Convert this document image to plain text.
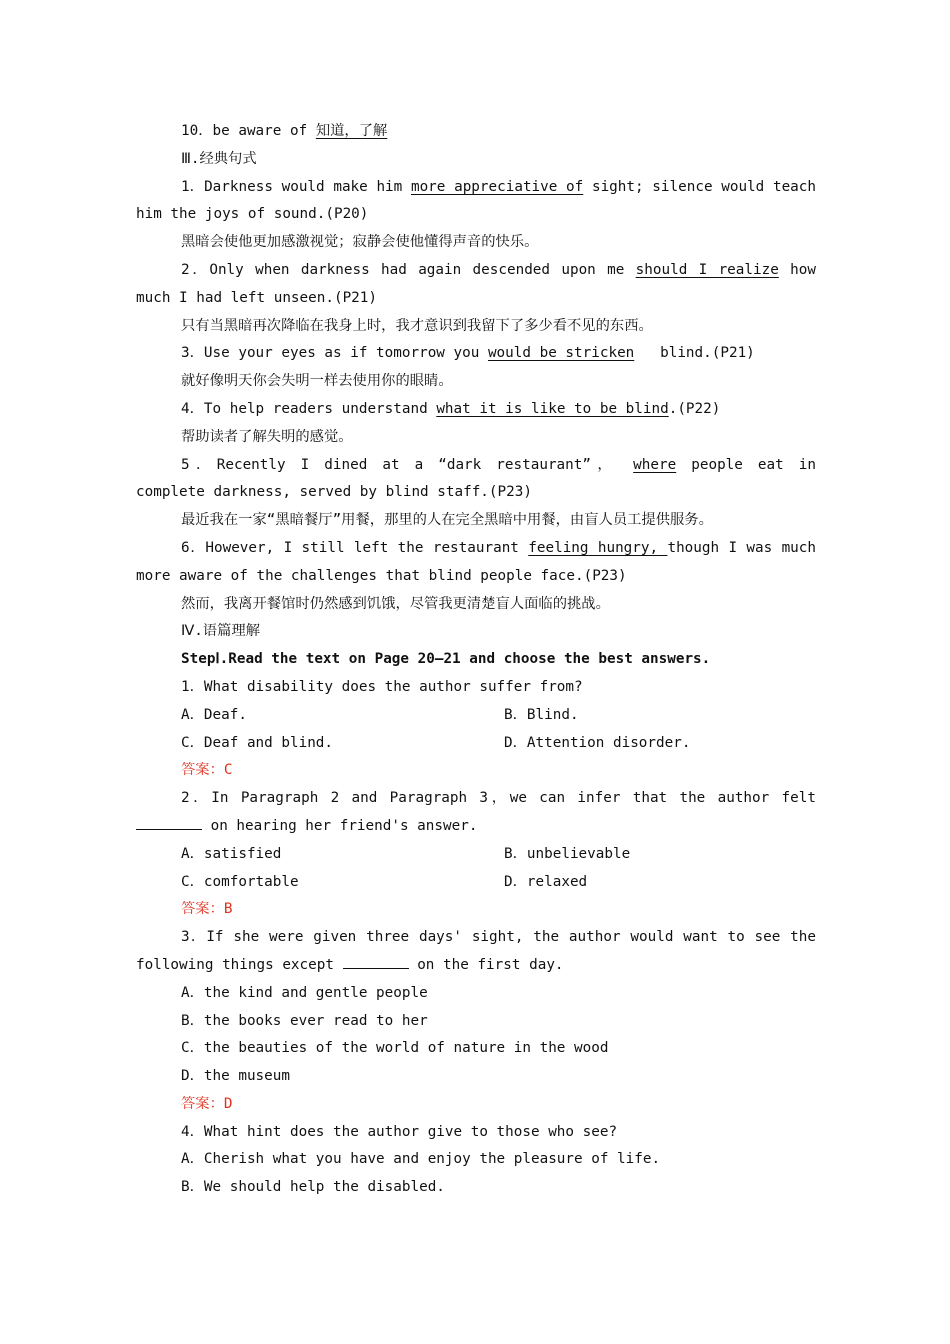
10．be aware of 知道，了解

Ⅲ.经典句式

1．Darkness would make him more appreciative of sight; silence would teach

him the joys of sound.(P20)

黑暗会使他更加感激视觉；寂静会使他懂得声音的快乐。

2．Only when darkness had again descended upon me should I realize how

much I had left unseen.(P21)

只有当黑暗再次降临在我身上时，我才意识到我留下了多少看不见的东西。

3．Use your eyes as if tomorrow you would be stricken   blind.(P21)

就好像明天你会失明一样去使用你的眼睛。

4．To help readers understand what it is like to be blind.(P22)

帮助读者了解失明的感觉。

5．Recently I dined at a “dark restaurant”， where people eat in

complete darkness, served by blind staff.(P23)

最近我在一家“黑暗餐厅”用餐，那里的人在完全黑暗中用餐，由盲人员工提供服务。

6．However, I still left the restaurant feeling hungry, though I was much

more aware of the challenges that blind people face.(P23)

然而，我离开餐馆时仍然感到饥饿，尽管我更清楚盲人面临的挑战。

Ⅳ.语篇理解

StepⅠ.Read the text on Page 20—21 and choose the best answers.

1．What disability does the author suffer from?

A．Deaf.	B．Blind.
C．Deaf and blind.	D．Attention disorder.

答案：C

2．In Paragraph 2 and Paragraph 3，we can infer that the author felt

on hearing her friend's answer.

A．satisfied	B．unbelievable
C．comfortable	D．relaxed

答案：B

3．If she were given three days' sight, the author would want to see the

following things except	on the first day.

A．the kind and gentle people

B．the books ever read to her

C．the beauties of the world of nature in the wood

D．the museum

答案：D

4．What hint does the author give to those who see?

A．Cherish what you have and enjoy the pleasure of life.

B．We should help the disabled.
